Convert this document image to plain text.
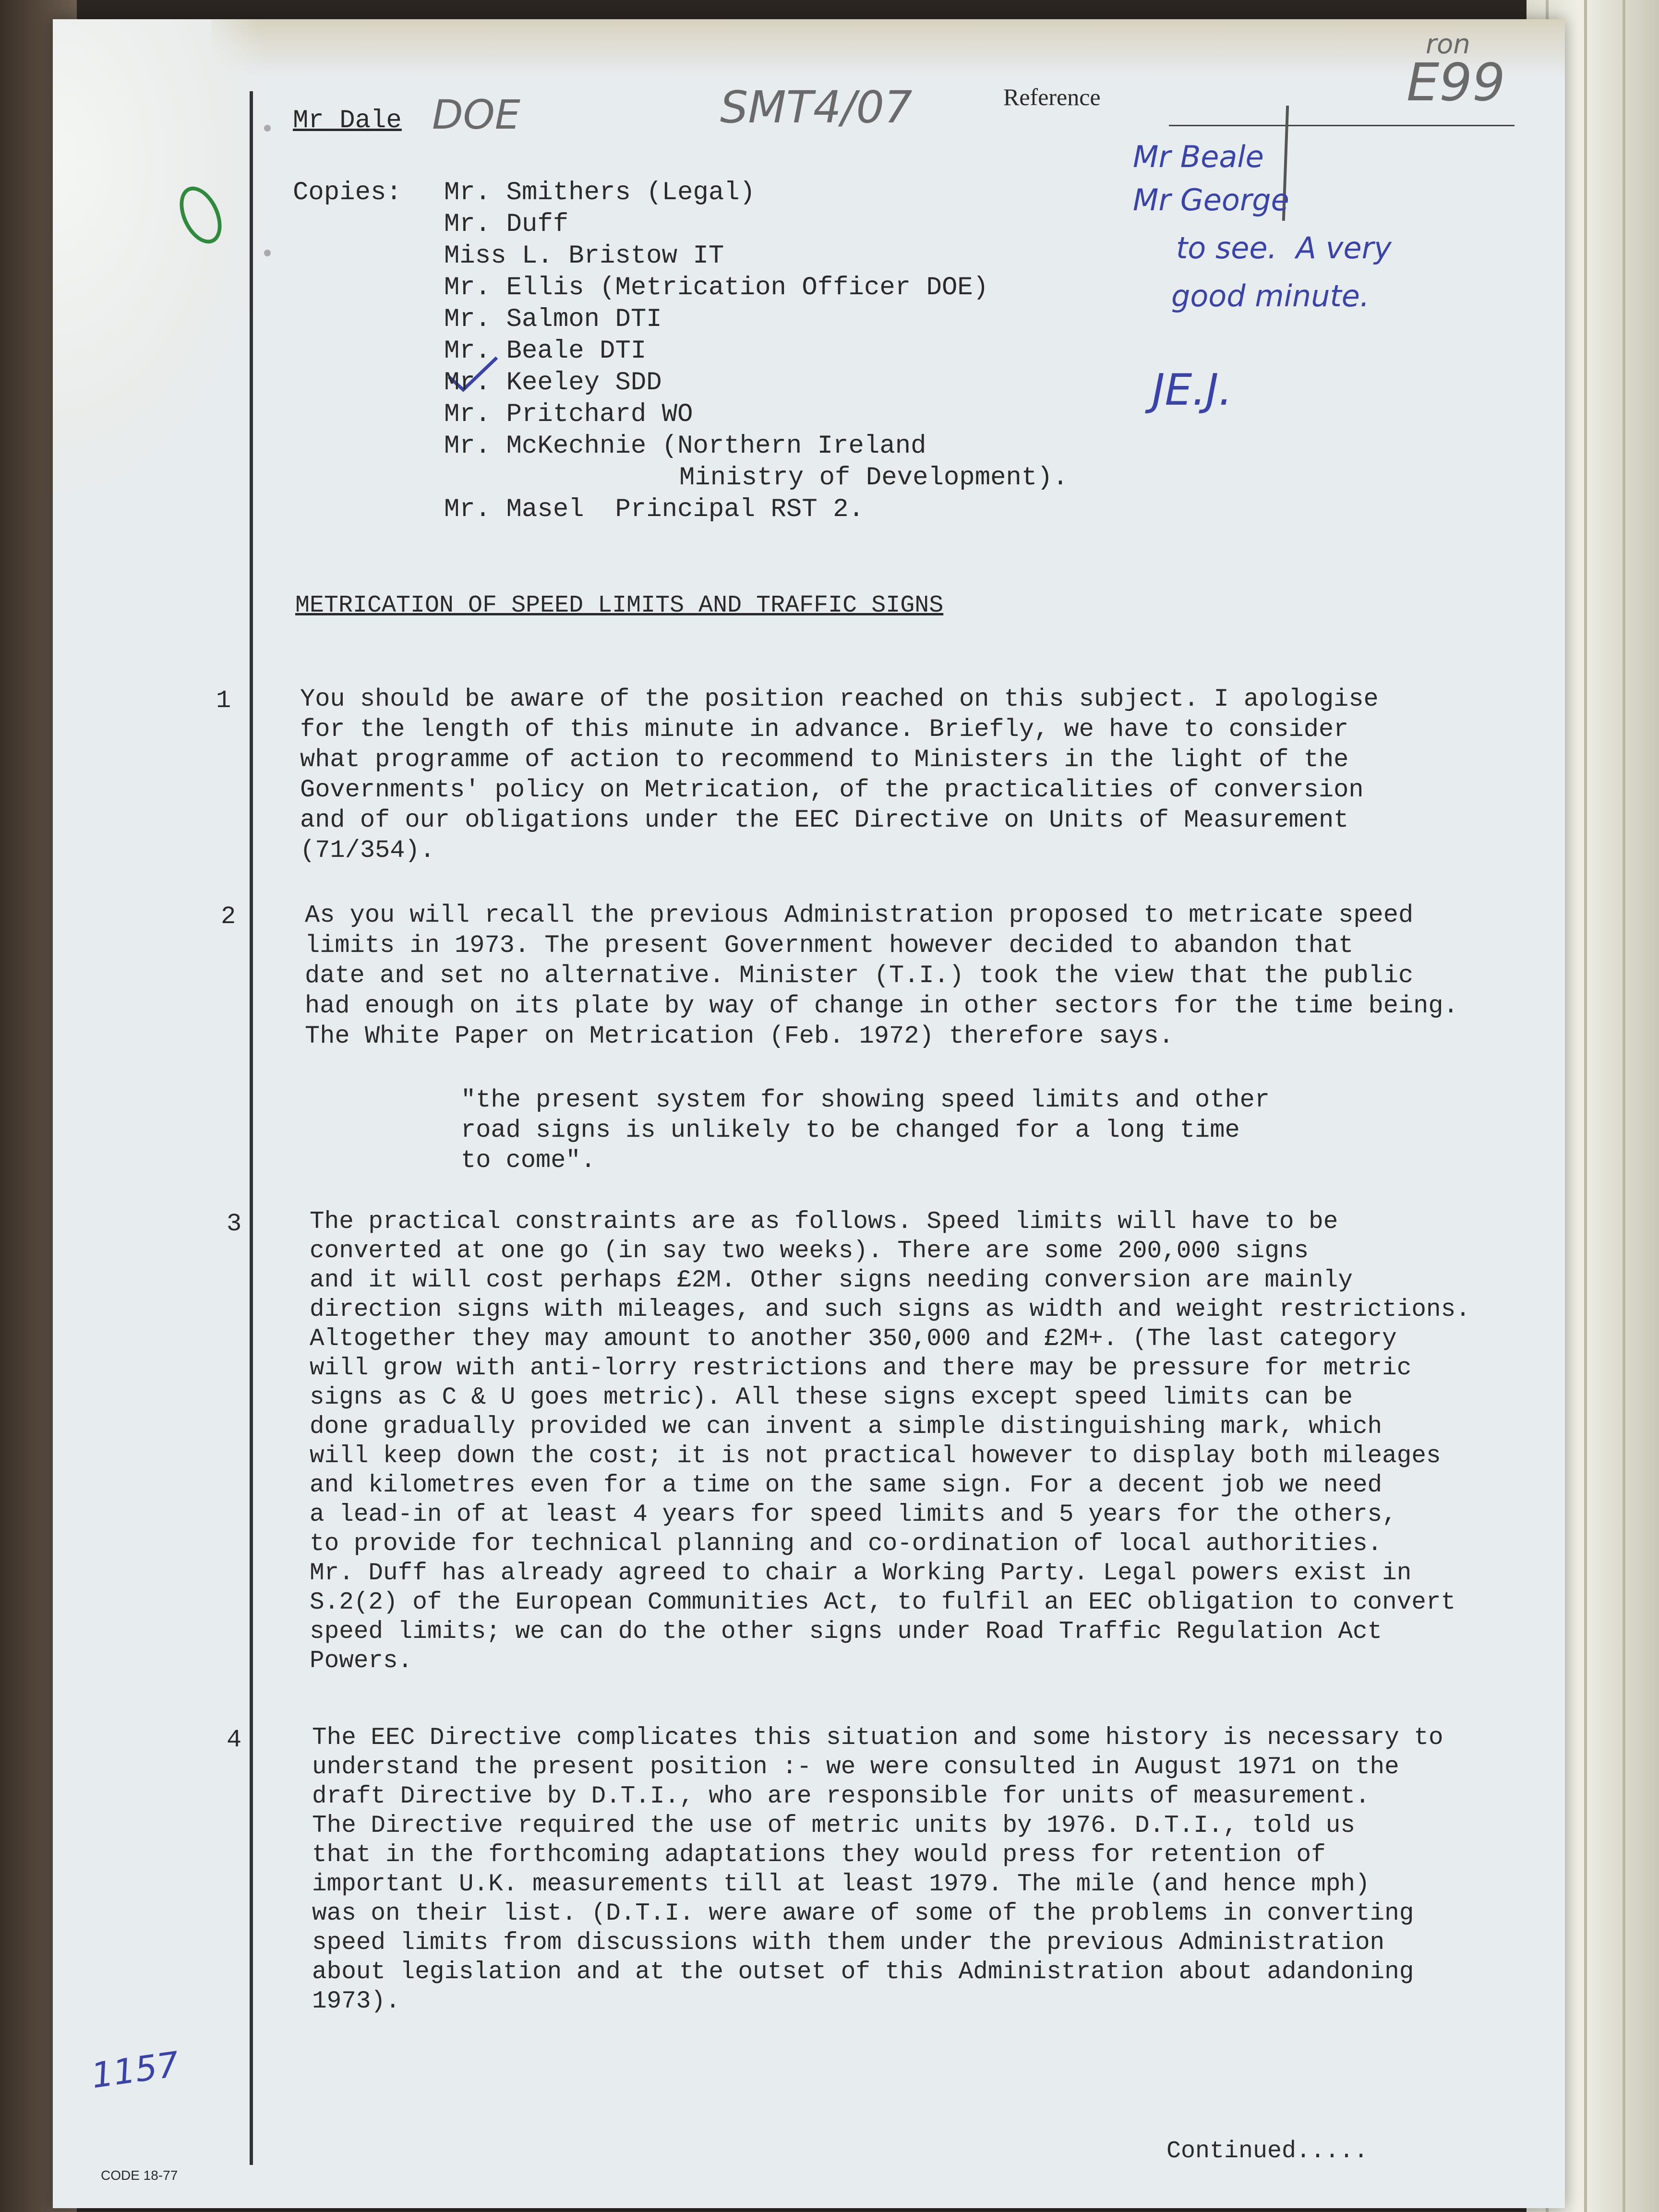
Mr Dale DOE	SMT4/07	Reference
ron
E99
Copies: Mr. Smithers (Legal)
Mr. Duff
Miss L. Bristow IT
Mr. Ellis (Metrication Officer DOE)
Mr. Salmon DTI
Mr. Beale DTI
Mr. Keeley SDD
Mr. Pritchard WO
Mr. McKechnie (Northern Ireland
Ministry of Development).
Mr. Masel  Principal RST 2.
Mr Beale
Mr George
to see.  A very
good minute.
JE.J.
METRICATION OF SPEED LIMITS AND TRAFFIC SIGNS
1	You should be aware of the position reached on this subject. I apologise
for the length of this minute in advance. Briefly, we have to consider
what programme of action to recommend to Ministers in the light of the
Governments' policy on Metrication, of the practicalities of conversion
and of our obligations under the EEC Directive on Units of Measurement
(71/354).
2	As you will recall the previous Administration proposed to metricate speed
limits in 1973. The present Government however decided to abandon that
date and set no alternative. Minister (T.I.) took the view that the public
had enough on its plate by way of change in other sectors for the time being.
The White Paper on Metrication (Feb. 1972) therefore says.
"the present system for showing speed limits and other
road signs is unlikely to be changed for a long time
to come".
3	The practical constraints are as follows. Speed limits will have to be
converted at one go (in say two weeks). There are some 200,000 signs
and it will cost perhaps £2M. Other signs needing conversion are mainly
direction signs with mileages, and such signs as width and weight restrictions.
Altogether they may amount to another 350,000 and £2M+. (The last category
will grow with anti-lorry restrictions and there may be pressure for metric
signs as C & U goes metric). All these signs except speed limits can be
done gradually provided we can invent a simple distinguishing mark, which
will keep down the cost; it is not practical however to display both mileages
and kilometres even for a time on the same sign. For a decent job we need
a lead-in of at least 4 years for speed limits and 5 years for the others,
to provide for technical planning and co-ordination of local authorities.
Mr. Duff has already agreed to chair a Working Party. Legal powers exist in
S.2(2) of the European Communities Act, to fulfil an EEC obligation to convert
speed limits; we can do the other signs under Road Traffic Regulation Act
Powers.
4	The EEC Directive complicates this situation and some history is necessary to
understand the present position :- we were consulted in August 1971 on the
draft Directive by D.T.I., who are responsible for units of measurement.
The Directive required the use of metric units by 1976. D.T.I., told us
that in the forthcoming adaptations they would press for retention of
important U.K. measurements till at least 1979. The mile (and hence mph)
was on their list. (D.T.I. were aware of some of the problems in converting
speed limits from discussions with them under the previous Administration
about legislation and at the outset of this Administration about adandoning
1973).
1157
CODE 18-77
Continued.....
